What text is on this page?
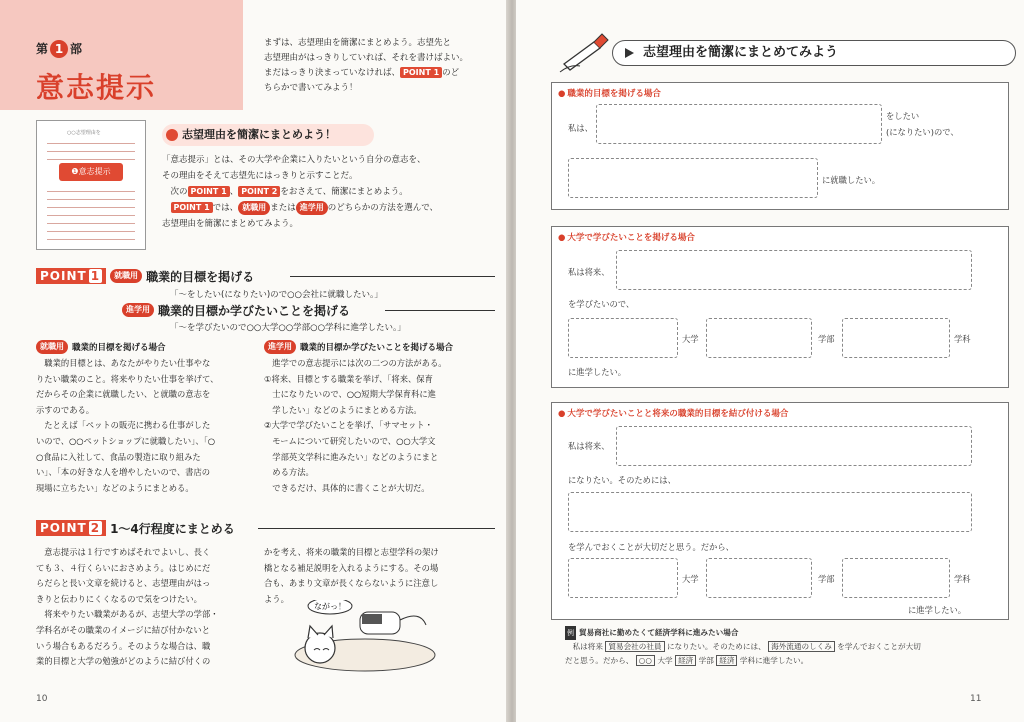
第 1 部
意志提示
まずは、志望理由を簡潔にまとめよう。志望先と
志望理由がはっきりしていれば、それを書けばよい。
まだはっきり決まっていなければ、 POINT 1 のど
ちらかで書いてみよう！
○○志望理由を
❶意志提示
志望理由を簡潔にまとめよう！
「意志提示」とは、その大学や企業に入りたいという自分の意志を、
その理由をそえて志望先にはっきりと示すことだ。
　次の POINT 1 、 POINT 2 をおさえて、簡潔にまとめよう。
　POINT 1 では、 就職用 または 進学用 のどちらかの方法を選んで、
志望理由を簡潔にまとめてみよう。
POINT 1	就職用 職業的目標を掲げる
「～をしたい(になりたい)ので○○会社に就職したい。」
進学用 職業的目標か学びたいことを掲げる
「～を学びたいので○○大学○○学部○○学科に進学したい。」
就職用 職業的目標を掲げる場合
　職業的目標とは、あなたがやりたい仕事やな
りたい職業のこと。将来やりたい仕事を挙げて、
だからその企業に就職したい、と就職の意志を
示すのである。
　たとえば「ペットの販売に携わる仕事がした
いので、○○ペットショップに就職したい」、「○
○食品に入社して、食品の製造に取り組みた
い」、「本の好きな人を増やしたいので、書店の
現場に立ちたい」などのようにまとめる。
進学用 職業的目標か学びたいことを掲げる場合
　進学での意志提示には次の二つの方法がある。
①将来、目標とする職業を挙げ、「将来、保育
　士になりたいので、○○短期大学保育科に進
　学したい」などのようにまとめる方法。
②大学で学びたいことを挙げ、「サマセット・
　モームについて研究したいので、○○大学文
　学部英文学科に進みたい」などのようにまと
　める方法。
　できるだけ、具体的に書くことが大切だ。
POINT 2 1～4行程度にまとめる
　意志提示は１行ですめばそれでよいし、長く
ても３、４行くらいにおさめよう。はじめにだ
らだらと長い文章を続けると、志望理由がはっ
きりと伝わりにくくなるので気をつけたい。
　将来やりたい職業があるが、志望大学の学部・
学科名がその職業のイメージに結び付かないと
いう場合もあるだろう。そのような場合は、職
業的目標と大学の勉強がどのように結び付くの
かを考え、将来の職業的目標と志望学科の架け
橋となる補足説明を入れるようにする。その場
合も、あまり文章が長くならないように注意し
よう。
ながっ！
10
志望理由を簡潔にまとめてみよう
● 職業的目標を掲げる場合
私は、
をしたい
(になりたい)ので、
に就職したい。
● 大学で学びたいことを掲げる場合
私は将来、
を学びたいので、
大学	学部	学科
に進学したい。
● 大学で学びたいことと将来の職業的目標を結び付ける場合
私は将来、
になりたい。そのためには、
を学んでおくことが大切だと思う。だから、
大学	学部	学科
に進学したい。
例 貿易商社に勤めたくて経済学科に進みたい場合
　私は将来 貿易会社の社員 になりたい。そのためには、 海外流通のしくみ を学んでおくことが大切
だと思う。だから、 ○○ 大学 経済 学部 経済 学科に進学したい。
11
